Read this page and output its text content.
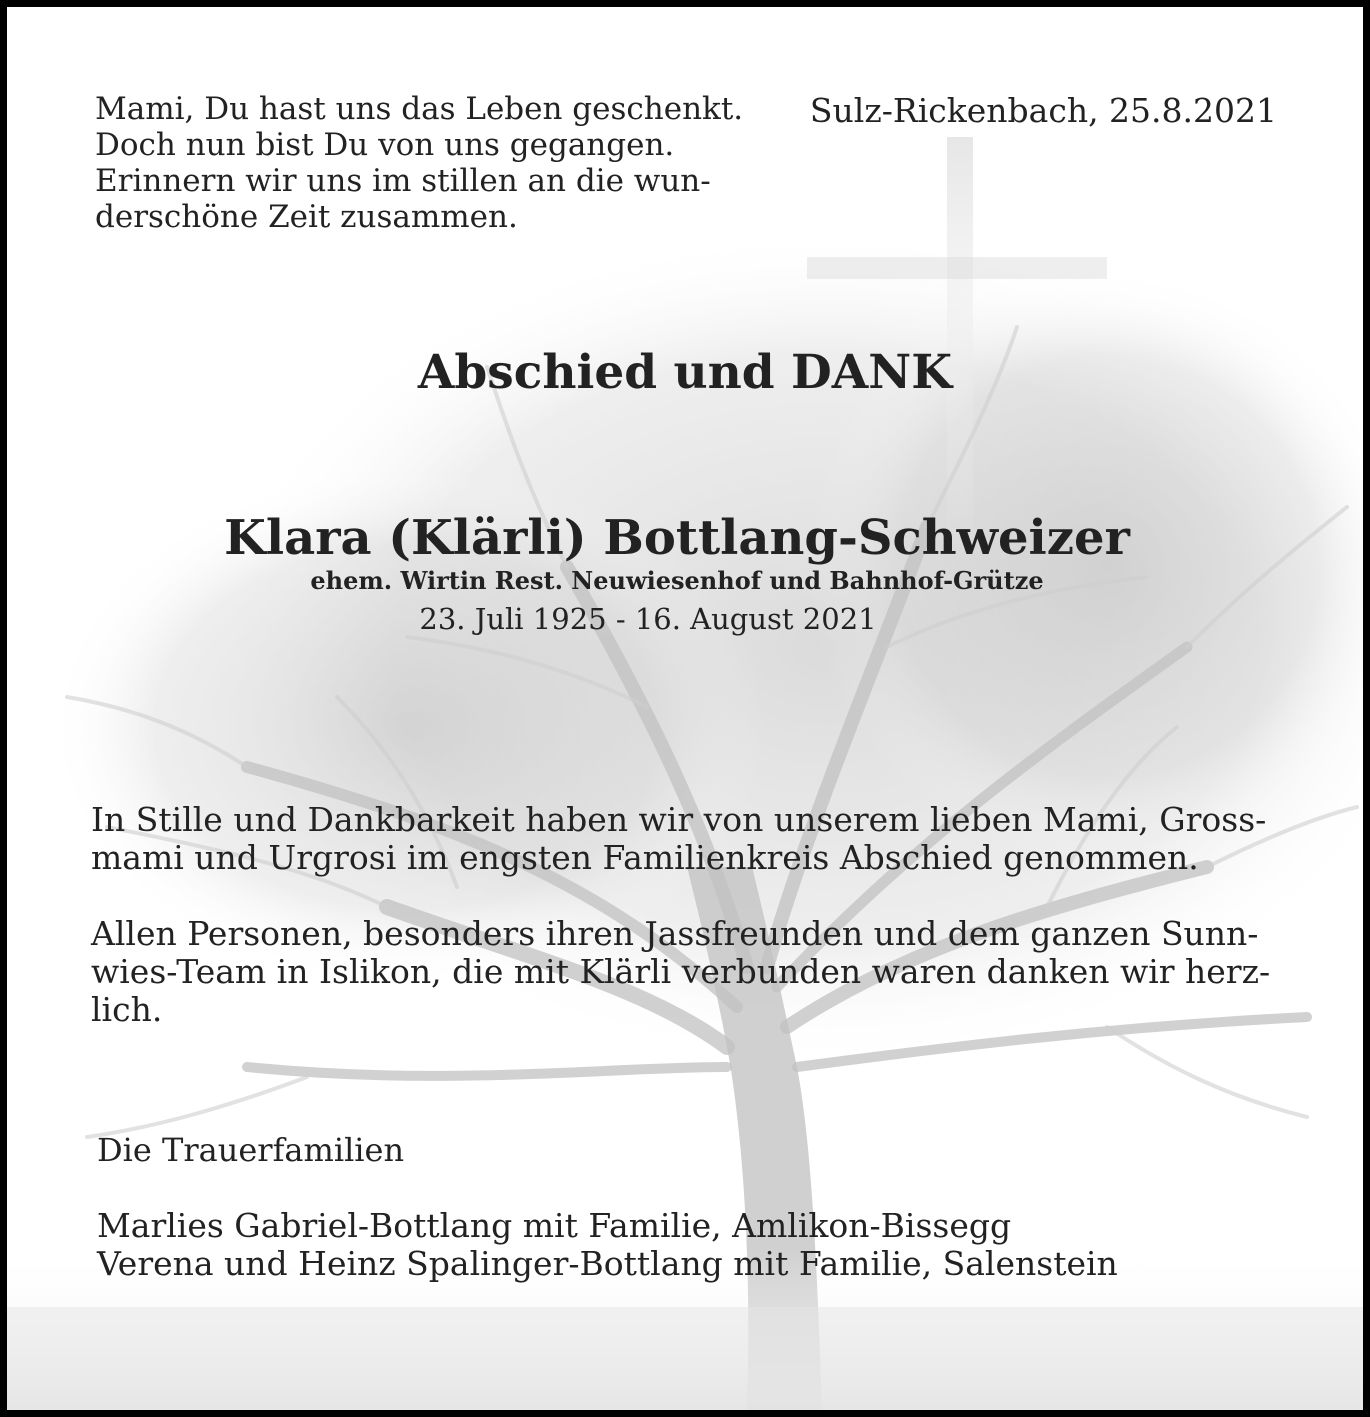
Mami, Du hast uns das Leben geschenkt.
Doch nun bist Du von uns gegangen.
Erinnern wir uns im stillen an die wun-
derschöne Zeit zusammen.
Sulz-Rickenbach, 25.8.2021
Abschied und DANK
Klara (Klärli) Bottlang-Schweizer
ehem. Wirtin Rest. Neuwiesenhof und Bahnhof-Grütze
23. Juli 1925 - 16. August 2021
In Stille und Dankbarkeit haben wir von unserem lieben Mami, Gross-
mami und Urgrosi im engsten Familienkreis Abschied genommen.
Allen Personen, besonders ihren Jassfreunden und dem ganzen Sunn-
wies-Team in Islikon, die mit Klärli verbunden waren danken wir herz-
lich.
Die Trauerfamilien
Marlies Gabriel-Bottlang mit Familie, Amlikon-Bissegg
Verena und Heinz Spalinger-Bottlang mit Familie, Salenstein
